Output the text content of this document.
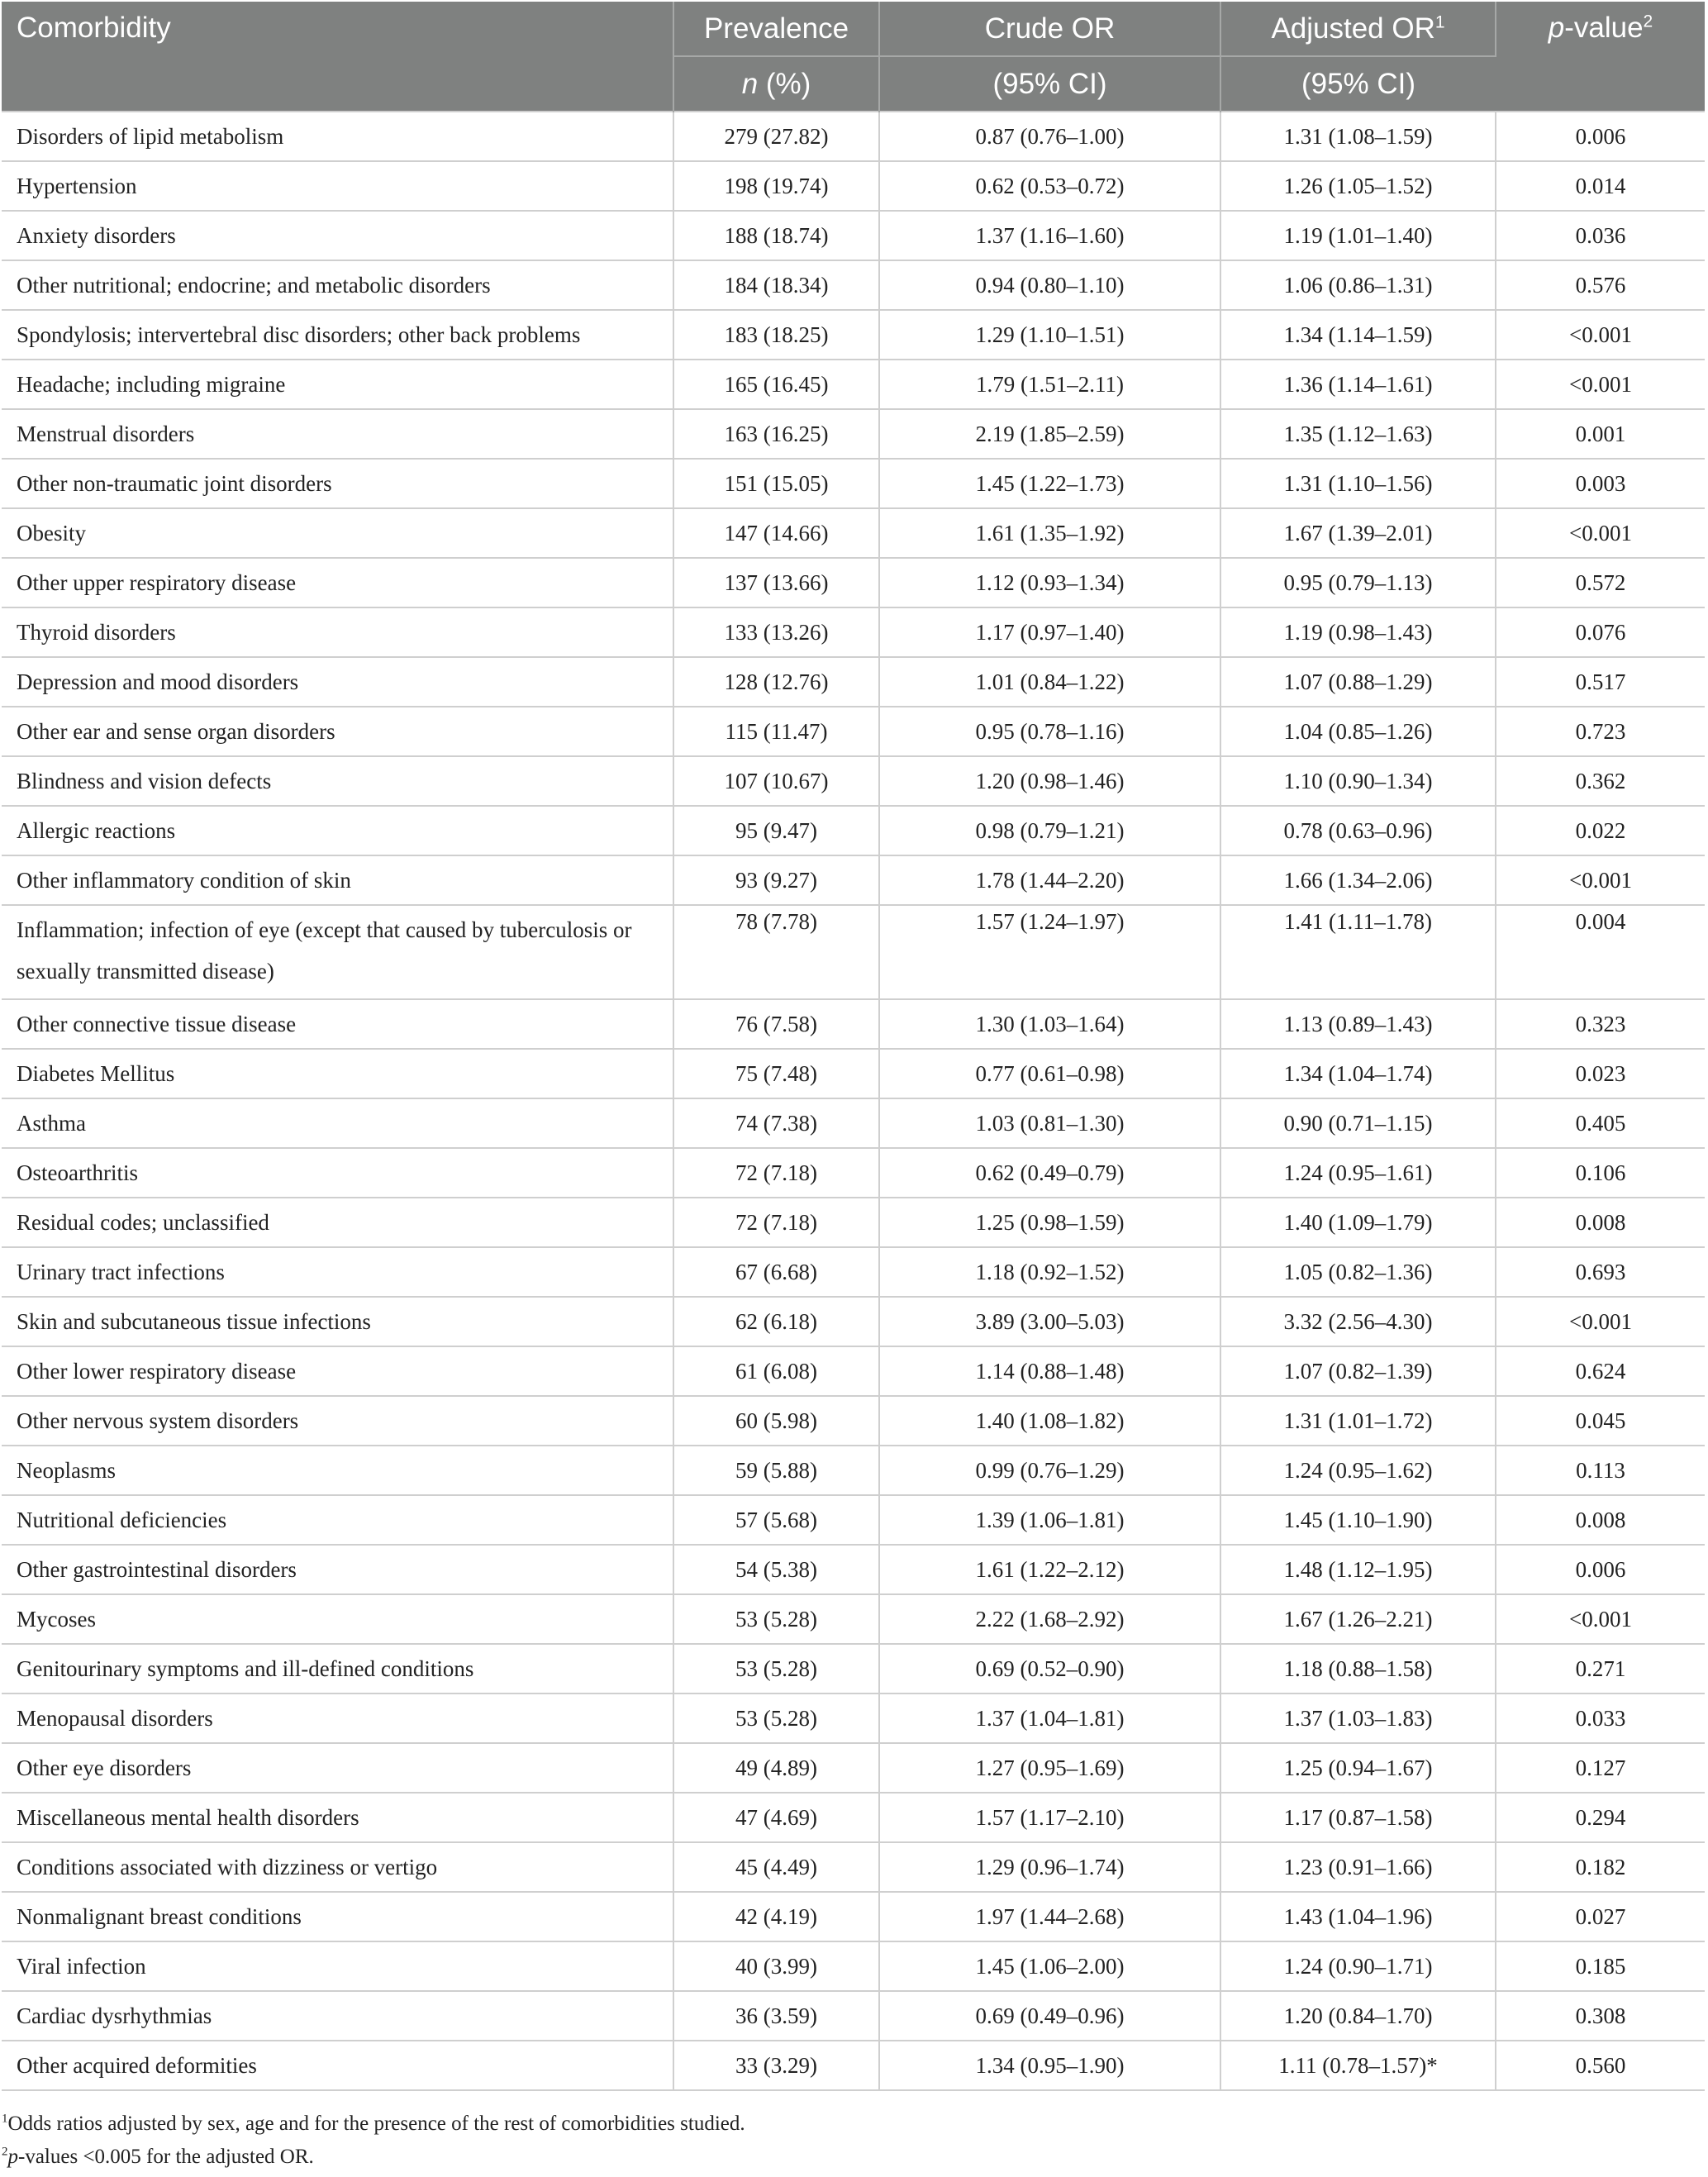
Comorbidity	Prevalence	Crude OR	Adjusted $OR^1$	p-value$^2$
	n (%)	(95% CI)	(95% CI)	
Disorders of lipid metabolism	279 (27.82)	0.87 (0.76–1.00)	1.31 (1.08–1.59)	0.006
Hypertension	198 (19.74)	0.62 (0.53–0.72)	1.26 (1.05–1.52)	0.014
Anxiety disorders	188 (18.74)	1.37 (1.16–1.60)	1.19 (1.01–1.40)	0.036
Other nutritional; endocrine; and metabolic disorders	184 (18.34)	0.94 (0.80–1.10)	1.06 (0.86–1.31)	0.576
Spondylosis; intervertebral disc disorders; other back problems	183 (18.25)	1.29 (1.10–1.51)	1.34 (1.14–1.59)	<0.001
Headache; including migraine	165 (16.45)	1.79 (1.51–2.11)	1.36 (1.14–1.61)	<0.001
Menstrual disorders	163 (16.25)	2.19 (1.85–2.59)	1.35 (1.12–1.63)	0.001
Other non-traumatic joint disorders	151 (15.05)	1.45 (1.22–1.73)	1.31 (1.10–1.56)	0.003
Obesity	147 (14.66)	1.61 (1.35–1.92)	1.67 (1.39–2.01)	<0.001
Other upper respiratory disease	137 (13.66)	1.12 (0.93–1.34)	0.95 (0.79–1.13)	0.572
Thyroid disorders	133 (13.26)	1.17 (0.97–1.40)	1.19 (0.98–1.43)	0.076
Depression and mood disorders	128 (12.76)	1.01 (0.84–1.22)	1.07 (0.88–1.29)	0.517
Other ear and sense organ disorders	115 (11.47)	0.95 (0.78–1.16)	1.04 (0.85–1.26)	0.723
Blindness and vision defects	107 (10.67)	1.20 (0.98–1.46)	1.10 (0.90–1.34)	0.362
Allergic reactions	95 (9.47)	0.98 (0.79–1.21)	0.78 (0.63–0.96)	0.022
Other inflammatory condition of skin	93 (9.27)	1.78 (1.44–2.20)	1.66 (1.34–2.06)	<0.001
Inflammation; infection of eye (except that caused by tuberculosis or sexually transmitted disease)	78 (7.78)	1.57 (1.24–1.97)	1.41 (1.11–1.78)	0.004
Other connective tissue disease	76 (7.58)	1.30 (1.03–1.64)	1.13 (0.89–1.43)	0.323
Diabetes Mellitus	75 (7.48)	0.77 (0.61–0.98)	1.34 (1.04–1.74)	0.023
Asthma	74 (7.38)	1.03 (0.81–1.30)	0.90 (0.71–1.15)	0.405
Osteoarthritis	72 (7.18)	0.62 (0.49–0.79)	1.24 (0.95–1.61)	0.106
Residual codes; unclassified	72 (7.18)	1.25 (0.98–1.59)	1.40 (1.09–1.79)	0.008
Urinary tract infections	67 (6.68)	1.18 (0.92–1.52)	1.05 (0.82–1.36)	0.693
Skin and subcutaneous tissue infections	62 (6.18)	3.89 (3.00–5.03)	3.32 (2.56–4.30)	<0.001
Other lower respiratory disease	61 (6.08)	1.14 (0.88–1.48)	1.07 (0.82–1.39)	0.624
Other nervous system disorders	60 (5.98)	1.40 (1.08–1.82)	1.31 (1.01–1.72)	0.045
Neoplasms	59 (5.88)	0.99 (0.76–1.29)	1.24 (0.95–1.62)	0.113
Nutritional deficiencies	57 (5.68)	1.39 (1.06–1.81)	1.45 (1.10–1.90)	0.008
Other gastrointestinal disorders	54 (5.38)	1.61 (1.22–2.12)	1.48 (1.12–1.95)	0.006
Mycoses	53 (5.28)	2.22 (1.68–2.92)	1.67 (1.26–2.21)	<0.001
Genitourinary symptoms and ill-defined conditions	53 (5.28)	0.69 (0.52–0.90)	1.18 (0.88–1.58)	0.271
Menopausal disorders	53 (5.28)	1.37 (1.04–1.81)	1.37 (1.03–1.83)	0.033
Other eye disorders	49 (4.89)	1.27 (0.95–1.69)	1.25 (0.94–1.67)	0.127
Miscellaneous mental health disorders	47 (4.69)	1.57 (1.17–2.10)	1.17 (0.87–1.58)	0.294
Conditions associated with dizziness or vertigo	45 (4.49)	1.29 (0.96–1.74)	1.23 (0.91–1.66)	0.182
Nonmalignant breast conditions	42 (4.19)	1.97 (1.44–2.68)	1.43 (1.04–1.96)	0.027
Viral infection	40 (3.99)	1.45 (1.06–2.00)	1.24 (0.90–1.71)	0.185
Cardiac dysrhythmias	36 (3.59)	0.69 (0.49–0.96)	1.20 (0.84–1.70)	0.308
Other acquired deformities	33 (3.29)	1.34 (0.95–1.90)	1.11 (0.78–1.57)*	0.560
$^1$Odds ratios adjusted by sex, age and for the presence of the rest of comorbidities studied.
$^2$p-values <0.005 for the adjusted OR.
